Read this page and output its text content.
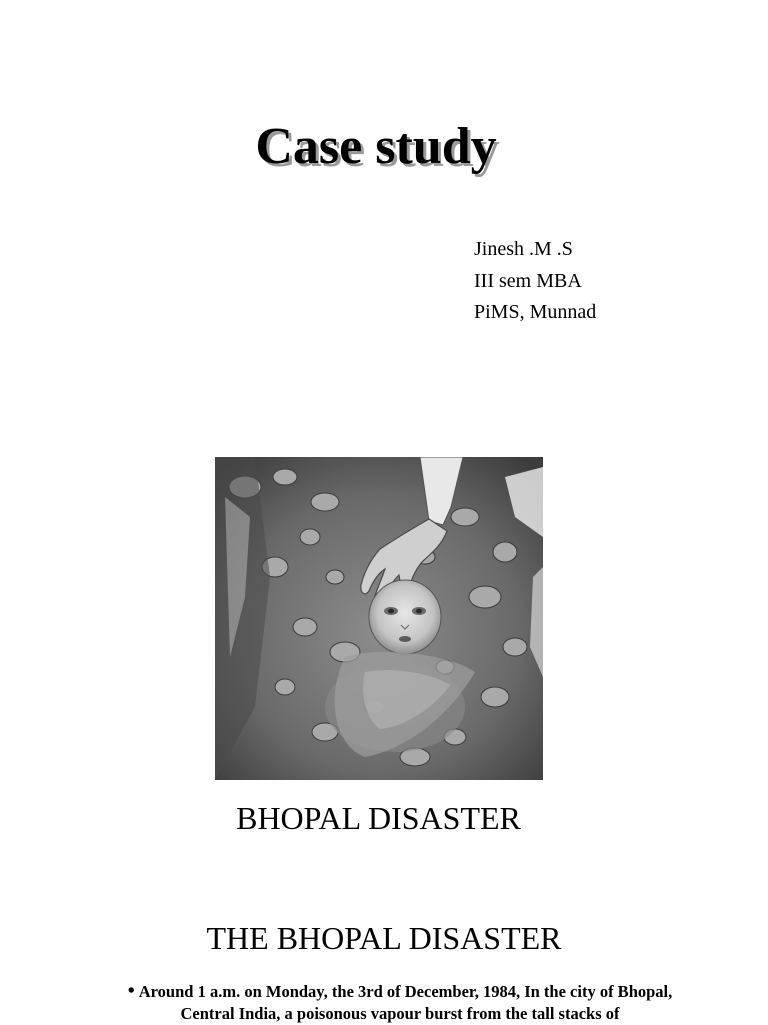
Case study
Jinesh .M .S
III sem MBA
PiMS, Munnad
BHOPAL DISASTER
THE BHOPAL DISASTER
• Around 1 a.m. on Monday, the 3rd of December, 1984, In the city of Bhopal, Central India, a poisonous vapour burst from the tall stacks of
